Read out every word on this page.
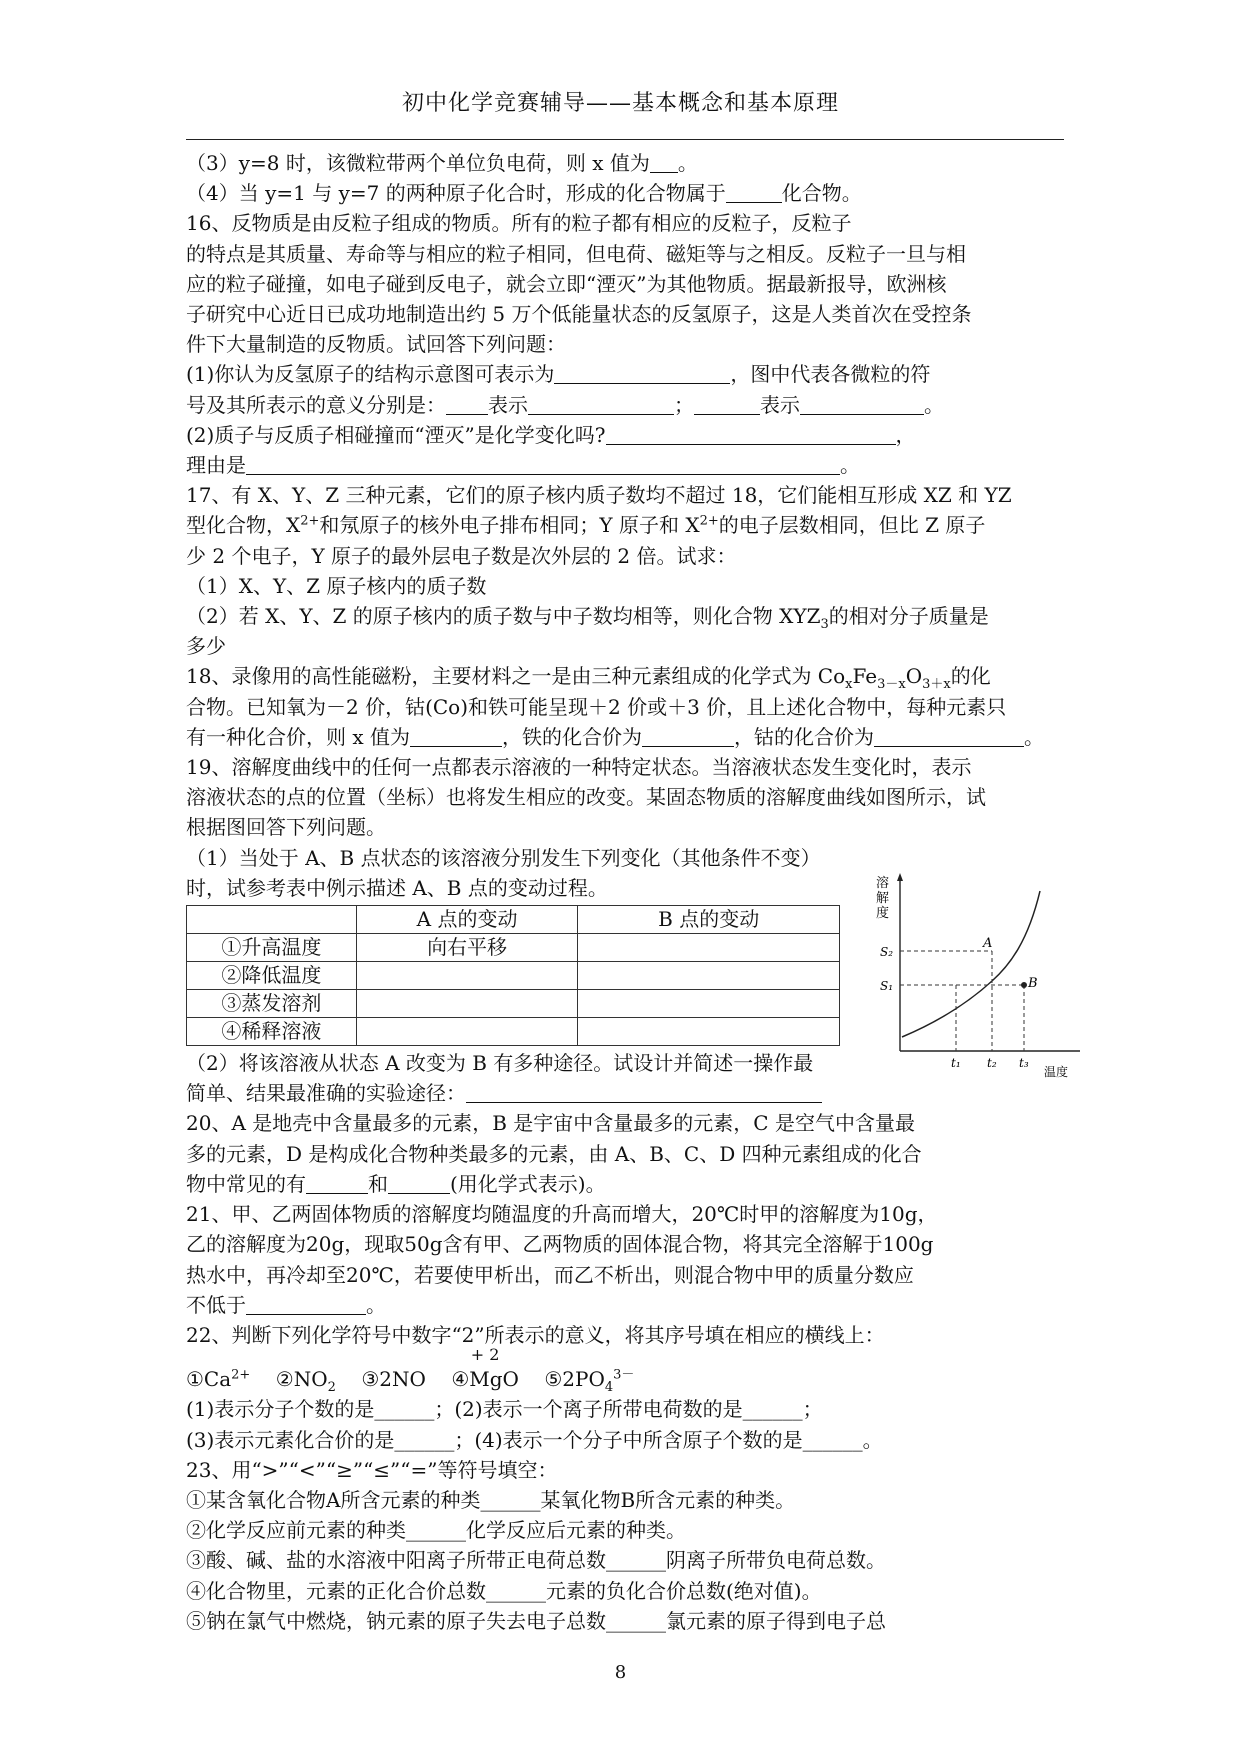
初中化学竞赛辅导——基本概念和基本原理

（3）y=8 时，该微粒带两个单位负电荷，则 x 值为 。

（4）当 y=1 与 y=7 的两种原子化合时，形成的化合物属于	化合物。

16、反物质是由反粒子组成的物质。所有的粒子都有相应的反粒子，反粒子

的特点是其质量、寿命等与相应的粒子相同，但电荷、磁矩等与之相反。反粒子一旦与相

应的粒子碰撞，如电子碰到反电子，就会立即“湮灭”为其他物质。据最新报导，欧洲核

子研究中心近日已成功地制造出约 5 万个低能量状态的反氢原子，这是人类首次在受控条

件下大量制造的反物质。试回答下列问题：

(1)你认为反氢原子的结构示意图可表示为	，图中代表各微粒的符

号及其所表示的意义分别是： 表示	；	表示	。

(2)质子与反质子相碰撞而“湮灭”是化学变化吗?	，

理由是	。

17、有 X、Y、Z 三种元素，它们的原子核内质子数均不超过 18，它们能相互形成 XZ 和 YZ

型化合物，$X^{2+}$和氖原子的核外电子排布相同；Y 原子和 $X^{2+}$的电子层数相同，但比 Z 原子

少 2 个电子，Y 原子的最外层电子数是次外层的 2 倍。试求：

（1）X、Y、Z 原子核内的质子数

（2）若 X、Y、Z 的原子核内的质子数与中子数均相等，则化合物 $XYZ_3$的相对分子质量是

多少

18、录像用的高性能磁粉，主要材料之一是由三种元素组成的化学式为 $Co_xFe_{3-x}O_{3+x}$的化

合物。已知氧为－2 价，钴(Co)和铁可能呈现＋2 价或＋3 价，且上述化合物中，每种元素只

有一种化合价，则 x 值为	，铁的化合价为	，钴的化合价为	。

19、溶解度曲线中的任何一点都表示溶液的一种特定状态。当溶液状态发生变化时，表示

溶液状态的点的位置（坐标）也将发生相应的改变。某固态物质的溶解度曲线如图所示，试

根据图回答下列问题。

（1）当处于 A、B 点状态的该溶液分别发生下列变化（其他条件不变）

时，试参考表中例示描述 A、B 点的变动过程。

	A 点的变动	B 点的变动
①升高温度	向右平移	
②降低温度		
③蒸发溶剂		
④稀释溶液		

（2）将该溶液从状态 A 改变为 B 有多种途径。试设计并简述一操作最

简单、结果最准确的实验途径：

20、A 是地壳中含量最多的元素，B 是宇宙中含量最多的元素，C 是空气中含量最

多的元素，D 是构成化合物种类最多的元素，由 A、B、C、D 四种元素组成的化合

物中常见的有	和	(用化学式表示)。

21、甲、乙两固体物质的溶解度均随温度的升高而增大，20℃时甲的溶解度为10g，

乙的溶解度为20g，现取50g含有甲、乙两物质的固体混合物，将其完全溶解于100g

热水中，再冷却至20℃，若要使甲析出，而乙不析出，则混合物中甲的质量分数应

不低于	。

22、判断下列化学符号中数字“2”所表示的意义，将其序号填在相应的横线上：

$①Ca^{2+}$ $②NO_2$ ③2NO
+ 2
④MgO $⑤2PO_4^{3-}$

(1)表示分子个数的是______；(2)表示一个离子所带电荷数的是______；

(3)表示元素化合价的是______；(4)表示一个分子中所含原子个数的是______。

23、用“>”“<”“≥”“≤”“=”等符号填空：

①某含氧化合物A所含元素的种类______某氧化物B所含元素的种类。

②化学反应前元素的种类______化学反应后元素的种类。

③酸、碱、盐的水溶液中阳离子所带正电荷总数______阴离子所带负电荷总数。

④化合物里，元素的正化合价总数______元素的负化合价总数(绝对值)。

⑤钠在氯气中燃烧，钠元素的原子失去电子总数______氯元素的原子得到电子总

溶
解
度
A
B
S₂
S₁
t₁ t₂ t₃
温度
8
